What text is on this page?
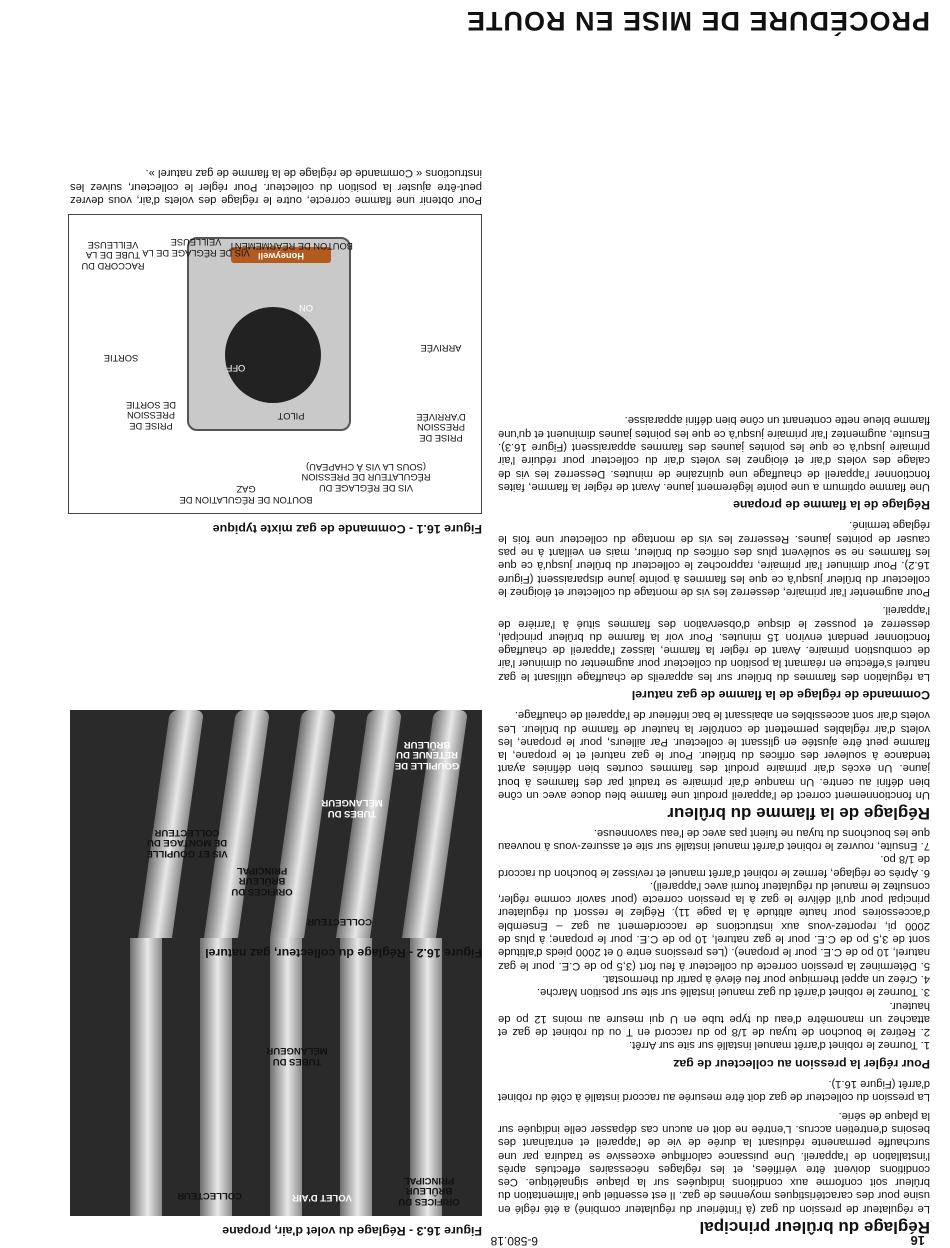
16
6-580.18
PROCÉDURE DE MISE EN ROUTE
Réglage du brûleur principal

Le régulateur de pression du gaz (à l'intérieur du régulateur combiné) a été réglé en usine pour des caractéristiques moyennes de gaz. Il est essentiel que l'alimentation du brûleur soit conforme aux conditions indiquées sur la plaque signalétique. Ces conditions doivent être vérifiées, et les réglages nécessaires effectués après l'installation de l'appareil. Une puissance calorifique excessive se traduira par une surchauffe permanente réduisant la durée de vie de l'appareil et entraînant des besoins d'entretien accrus. L'entrée ne doit en aucun cas dépasser celle indiquée sur la plaque de série.

La pression du collecteur de gaz doit être mesurée au raccord installé à côté du robinet d'arrêt (Figure 16.1).

Pour régler la pression au collecteur de gaz
1. Tournez le robinet d'arrêt manuel installé sur site sur Arrêt.
2. Retirez le bouchon de tuyau de 1/8 po du raccord en T ou du robinet de gaz et attachez un manomètre d'eau du type tube en U qui mesure au moins 12 po de hauteur.
3. Tournez le robinet d'arrêt du gaz manuel installé sur site sur position Marche.
4. Créez un appel thermique pour feu élevé à partir du thermostat.
5. Déterminez la pression correcte du collecteur à feu fort (3,5 po de C.E. pour le gaz naturel, 10 po de C.E. pour le propane). (Les pressions entre 0 et 2000 pieds d'altitude sont de 3,5 po de C.E. pour le gaz naturel, 10 po de C.E. pour le propane; à plus de 2000 pi, reportez-vous aux instructions de raccordement au gaz – Ensemble d'accessoires pour haute altitude à la page 11). Réglez le ressort du régulateur principal pour qu'il délivre le gaz à la pression correcte (pour savoir comme régler, consultez le manuel du régulateur fourni avec l'appareil).
6. Après ce réglage, fermez le robinet d'arrêt manuel et revissez le bouchon du raccord de 1/8 po.
7. Ensuite, rouvrez le robinet d'arrêt manuel installé sur site et assurez-vous à nouveau que les bouchons du tuyau ne fuient pas avec de l'eau savonneuse.
Réglage de la flamme du brûleur

Un fonctionnement correct de l'appareil produit une flamme bleu douce avec un cône bien défini au centre. Un manque d'air primaire se traduit par des flammes à bout jaune. Un excès d'air primaire produit des flammes courtes bien définies ayant tendance à soulever des orifices du brûleur. Pour le gaz naturel et le propane, la flamme peut être ajustée en glissant le collecteur. Par ailleurs, pour le propane, les volets d'air réglables permettent de contrôler la hauteur de flamme du brûleur. Les volets d'air sont accessibles en abaissant le bac inférieur de l'appareil de chauffage.

Commande de réglage de la flamme de gaz naturel

La régulation des flammes du brûleur sur les appareils de chauffage utilisant le gaz naturel s'effectue en réamant la position du collecteur pour augmenter ou diminuer l'air de combustion primaire. Avant de régler la flamme, laissez l'appareil de chauffage fonctionner pendant environ 15 minutes. Pour voir la flamme du brûleur principal, desserrez et poussez le disque d'observation des flammes situé à l'arrière de l'appareil.

Pour augmenter l'air primaire, desserrez les vis de montage du collecteur et éloignez le collecteur du brûleur jusqu'à ce que les flammes à pointe jaune disparaissent (Figure 16.2). Pour diminuer l'air primaire, rapprochez le collecteur du brûleur jusqu'à ce que les flammes ne se soulèvent plus des orifices du brûleur, mais en veillant à ne pas causer de pointes jaunes. Resserrez les vis de montage du collecteur une fois le réglage terminé.

Réglage de la flamme de propane

Une flamme optimum a une pointe légèrement jaune. Avant de régler la flamme, faites fonctionner l'appareil de chauffage une quinzaine de minutes. Desserrez les vis de calage des volets d'air et éloignez les volets d'air du collecteur pour réduire l'air primaire jusqu'à ce que les pointes jaunes des flammes apparaissent (Figure 16.3). Ensuite, augmentez l'air primaire jusqu'à ce que les pointes jaunes diminuent et qu'une flamme bleue nette contenant un cône bien défini apparaisse.

Figure 16.3 - Réglage du volet d'air, propane
ORIFICES DU BRÛLEUR PRINCIPAL
COLLECTEUR	VOLET D'AIR
TUBES DU MÉLANGEUR
Figure 16.2 - Réglage du collecteur, gaz naturel
COLLECTEUR
ORIFICES DU BRÛLEUR PRINCIPAL
VIS ET GOUPILLE DE MONTAGE DU COLLECTEUR
TUBES DU MÉLANGEUR
GOUPILLE DE RETENUE DU BRÛLEUR
Figure 16.1 - Commande de gaz mixte typique
BOUTON DE RÉGULATION DE GAZ	VIS DE RÉGLAGE DU RÉGULATEUR DE PRESSION (SOUS LA VIS À CHAPEAU)
PRISE DE PRESSION D'ARRIVÉE
ARRIVÉE
PRISE DE PRESSION DE SORTIE
SORTIE
BOUTON DE RÉARMEMENT
VIS DE RÉGLAGE DE LA VEILLEUSE
RACCORD DU TUBE DE LA VEILLEUSE
PILOT
OFF
ON
Honeywell

Pour obtenir une flamme correcte, outre le réglage des volets d'air, vous devrez peut-être ajuster la position du collecteur. Pour régler le collecteur, suivez les instructions « Commande de réglage de la flamme de gaz naturel ».
